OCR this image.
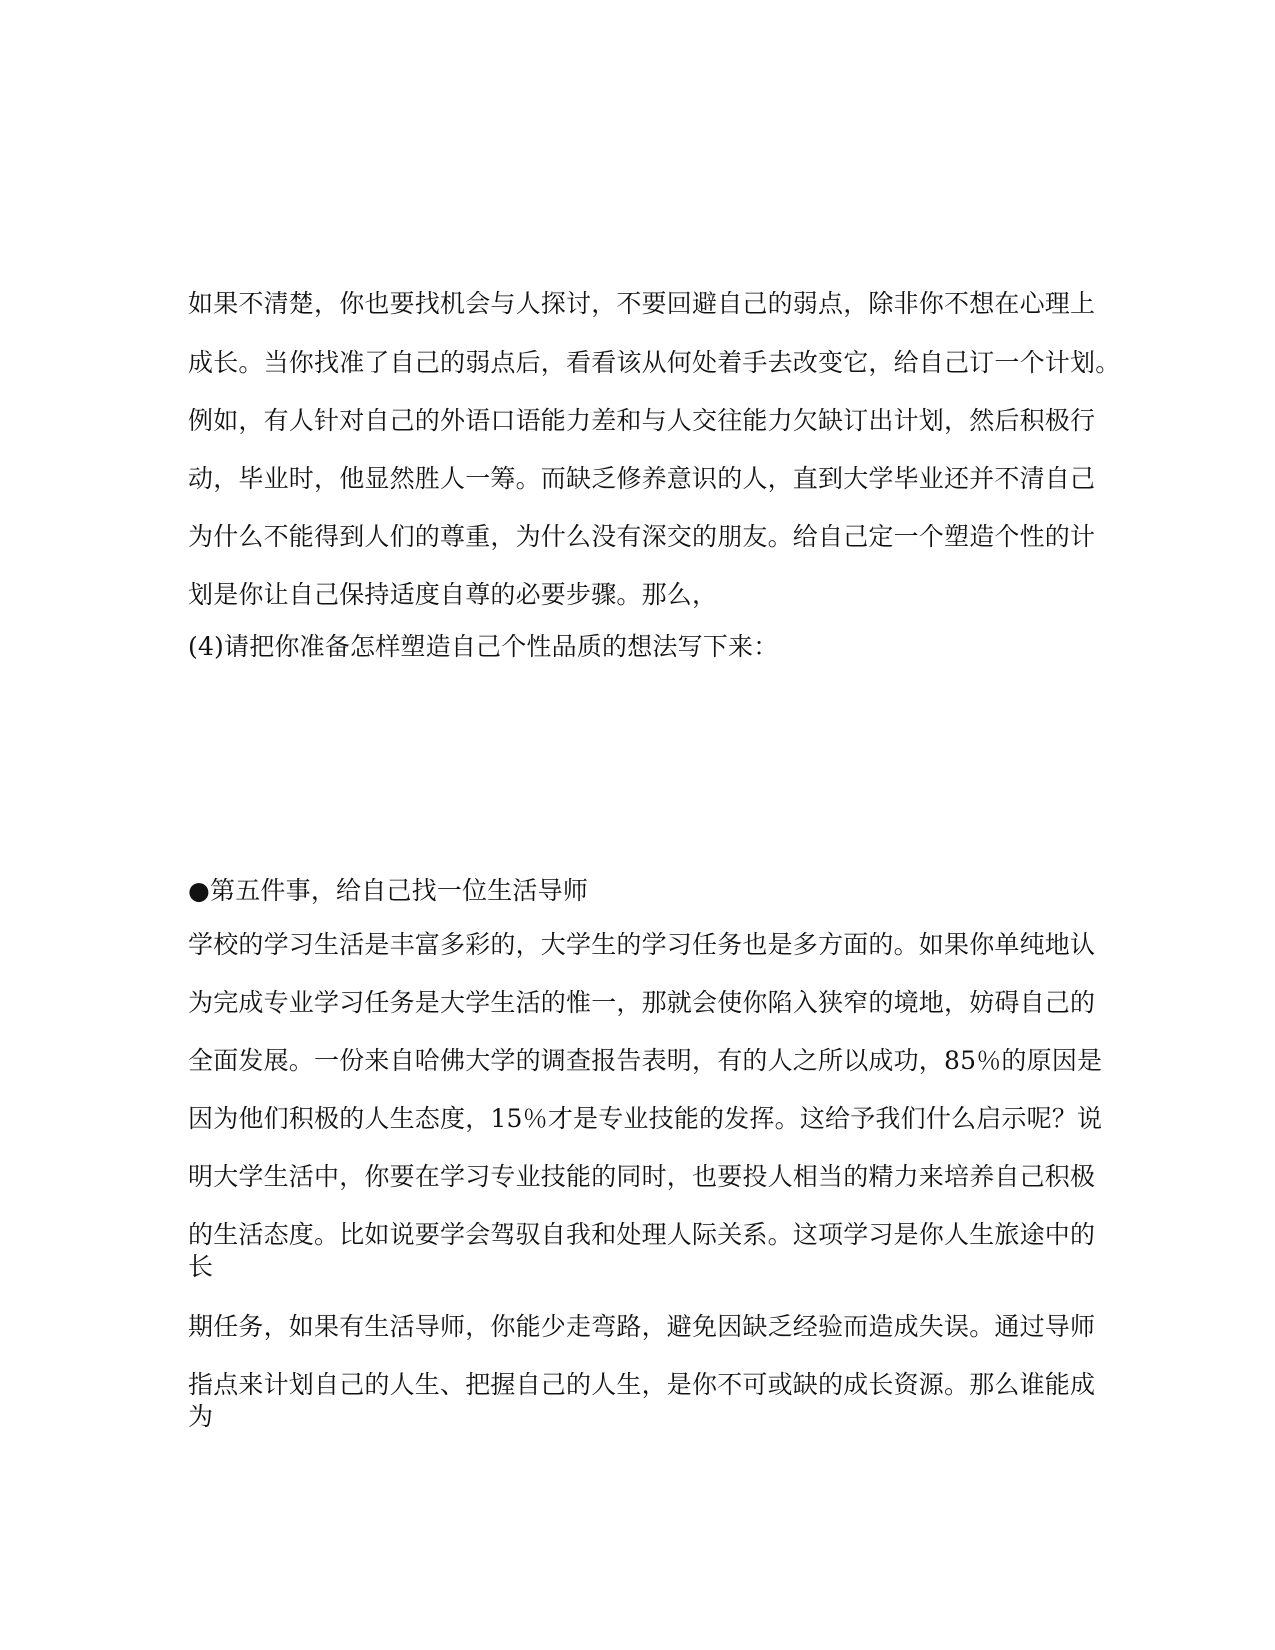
如果不清楚，你也要找机会与人探讨，不要回避自己的弱点，除非你不想在心理上
成长。当你找准了自己的弱点后，看看该从何处着手去改变它，给自己订一个计划。
例如，有人针对自己的外语口语能力差和与人交往能力欠缺订出计划，然后积极行
动，毕业时，他显然胜人一筹。而缺乏修养意识的人，直到大学毕业还并不清自己
为什么不能得到人们的尊重，为什么没有深交的朋友。给自己定一个塑造个性的计
划是你让自己保持适度自尊的必要步骤。那么，
(4)请把你准备怎样塑造自己个性品质的想法写下来：
●第五件事，给自己找一位生活导师
学校的学习生活是丰富多彩的，大学生的学习任务也是多方面的。如果你单纯地认
为完成专业学习任务是大学生活的惟一，那就会使你陷入狭窄的境地，妨碍自己的
全面发展。一份来自哈佛大学的调查报告表明，有的人之所以成功，85％的原因是
因为他们积极的人生态度，15％才是专业技能的发挥。这给予我们什么启示呢？说
明大学生活中，你要在学习专业技能的同时，也要投人相当的精力来培养自己积极
的生活态度。比如说要学会驾驭自我和处理人际关系。这项学习是你人生旅途中的
长
期任务，如果有生活导师，你能少走弯路，避免因缺乏经验而造成失误。通过导师
指点来计划自己的人生、把握自己的人生，是你不可或缺的成长资源。那么谁能成
为
